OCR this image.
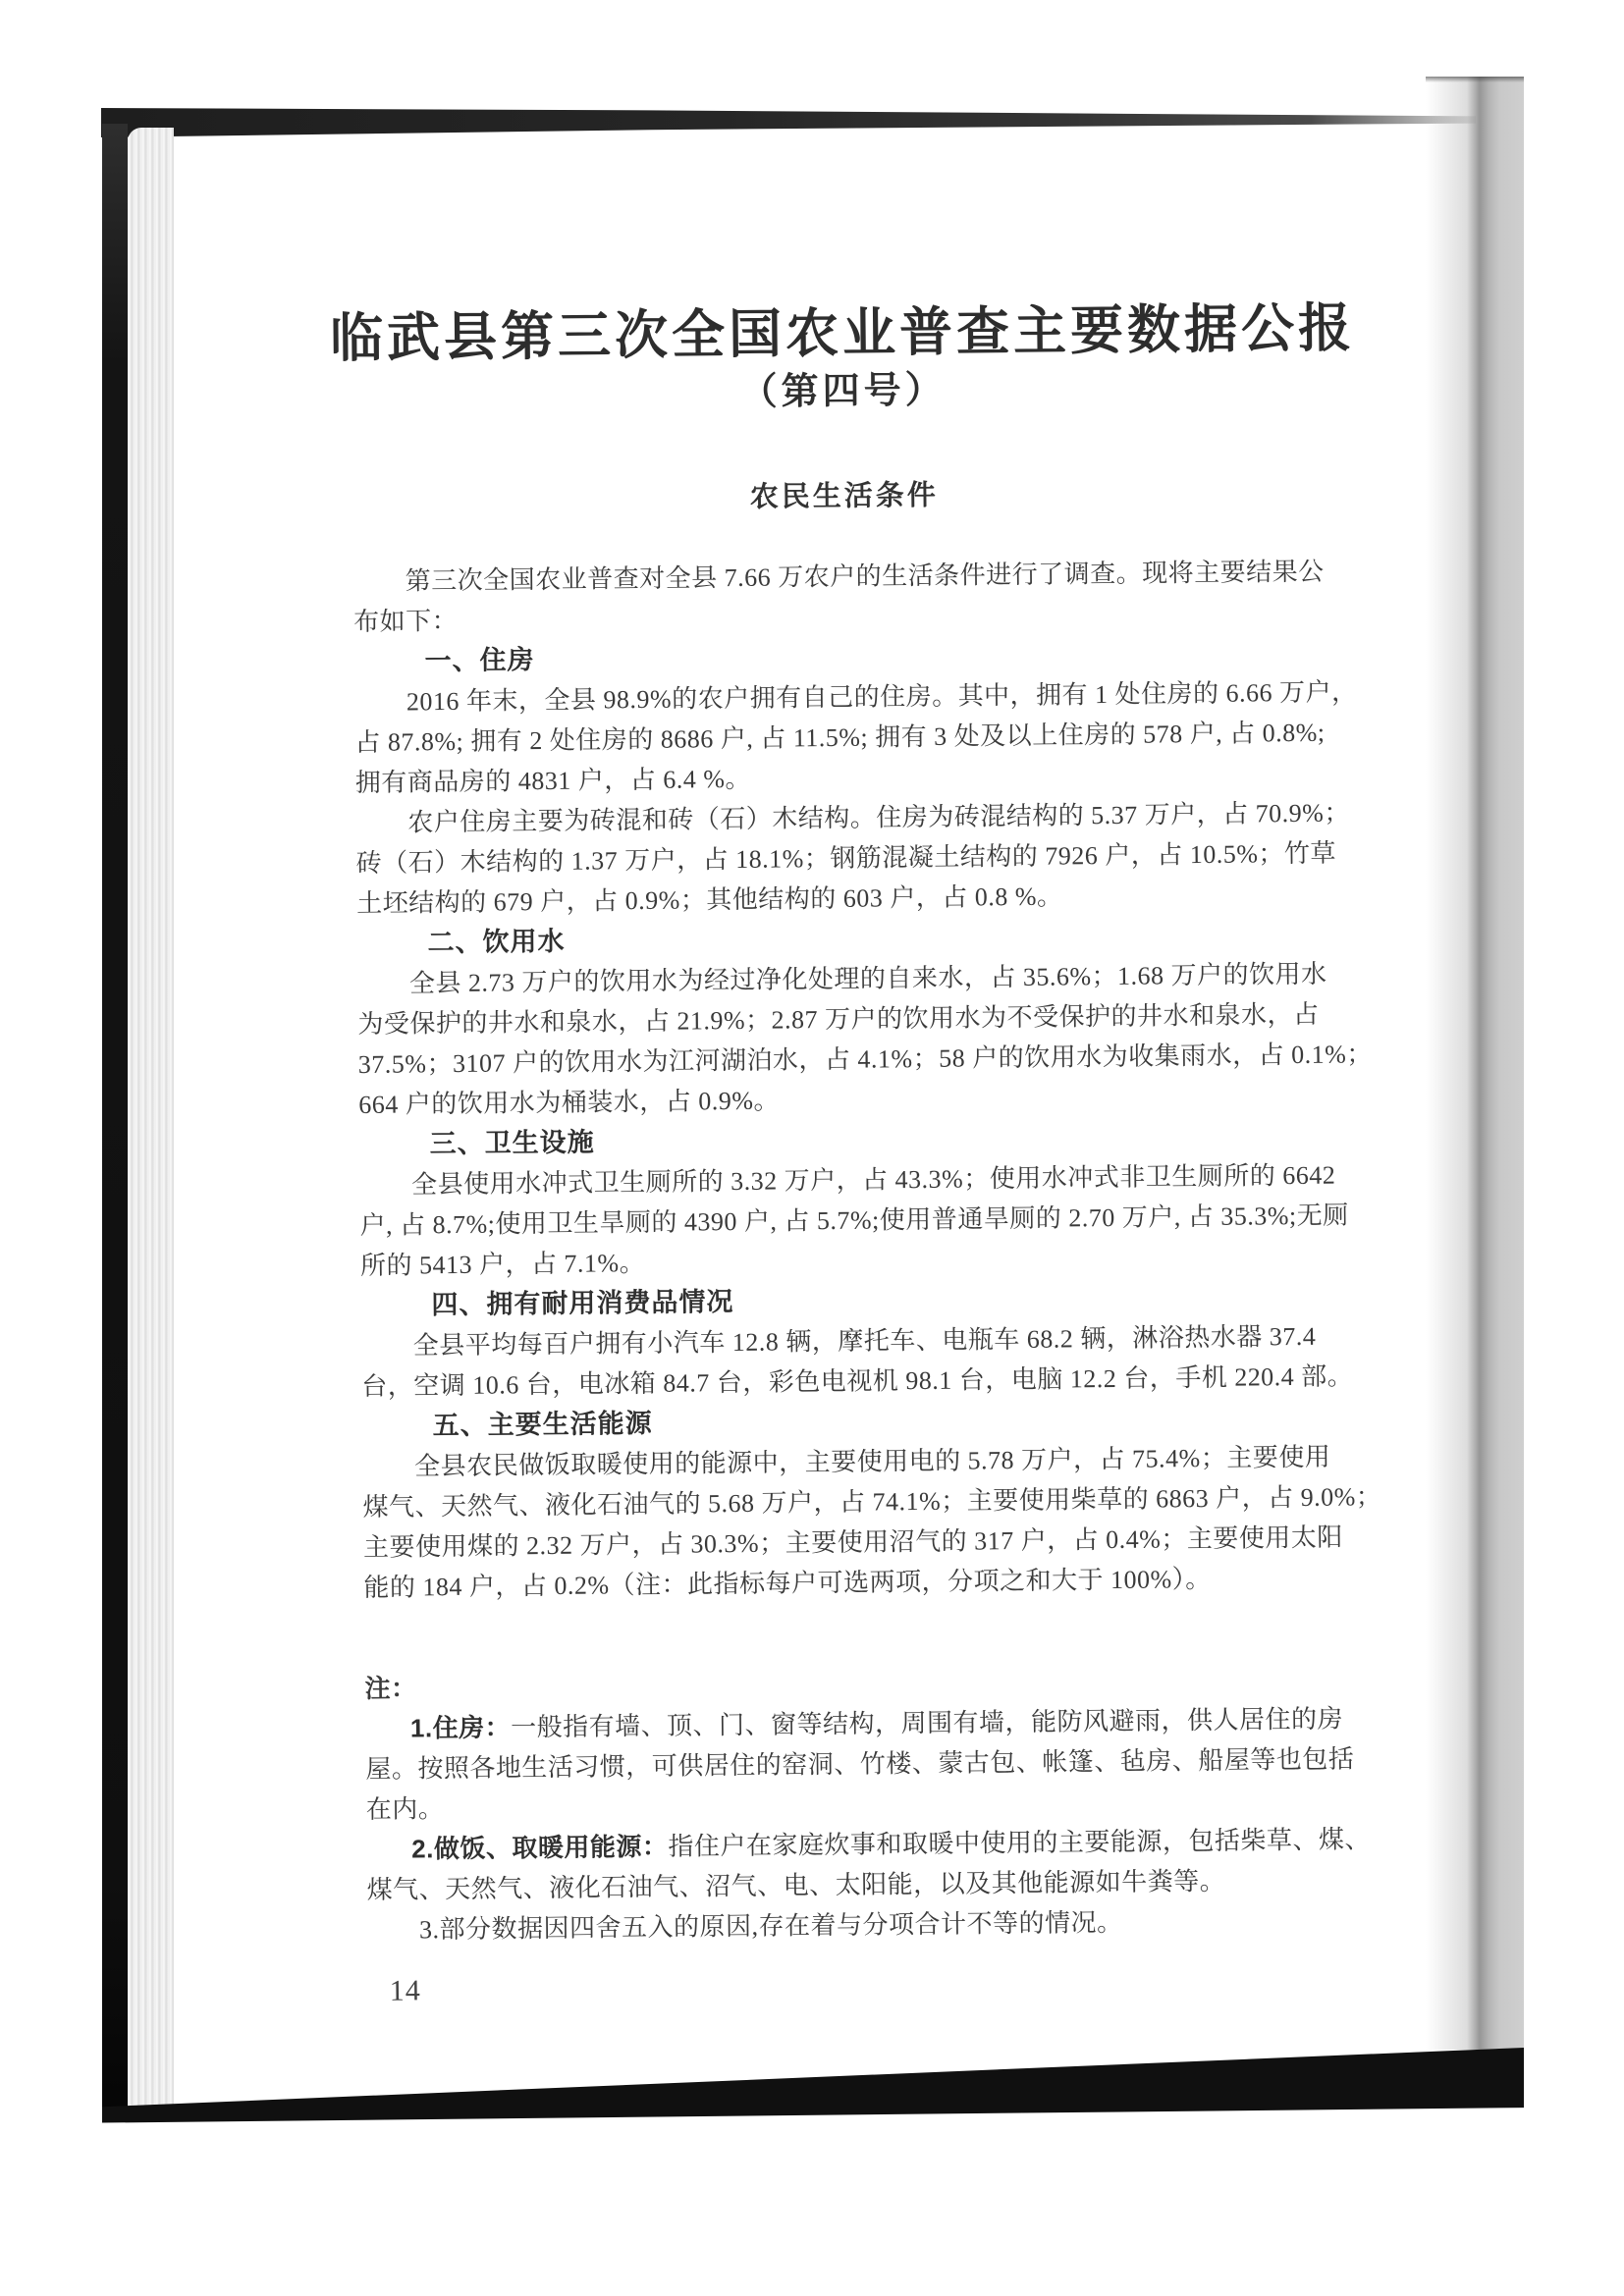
临武县第三次全国农业普查主要数据公报
（第四号）
农民生活条件
第三次全国农业普查对全县 7.66 万农户的生活条件进行了调查。现将主要结果公
布如下：
一、住房
2016 年末，全县 98.9%的农户拥有自己的住房。其中，拥有 1 处住房的 6.66 万户，
占 87.8%; 拥有 2 处住房的 8686 户, 占 11.5%; 拥有 3 处及以上住房的 578 户, 占 0.8%;
拥有商品房的 4831 户，占 6.4 %。
农户住房主要为砖混和砖（石）木结构。住房为砖混结构的 5.37 万户，占 70.9%；
砖（石）木结构的 1.37 万户，占 18.1%；钢筋混凝土结构的 7926 户，占 10.5%；竹草
土坯结构的 679 户，占 0.9%；其他结构的 603 户，占 0.8 %。
二、饮用水
全县 2.73 万户的饮用水为经过净化处理的自来水，占 35.6%；1.68 万户的饮用水
为受保护的井水和泉水，占 21.9%；2.87 万户的饮用水为不受保护的井水和泉水，占
37.5%；3107 户的饮用水为江河湖泊水，占 4.1%；58 户的饮用水为收集雨水，占 0.1%；
664 户的饮用水为桶装水，占 0.9%。
三、卫生设施
全县使用水冲式卫生厕所的 3.32 万户，占 43.3%；使用水冲式非卫生厕所的 6642
户, 占 8.7%;使用卫生旱厕的 4390 户, 占 5.7%;使用普通旱厕的 2.70 万户, 占 35.3%;无厕
所的 5413 户，占 7.1%。
四、拥有耐用消费品情况
全县平均每百户拥有小汽车 12.8 辆，摩托车、电瓶车 68.2 辆，淋浴热水器 37.4
台，空调 10.6 台，电冰箱 84.7 台，彩色电视机 98.1 台，电脑 12.2 台，手机 220.4 部。
五、主要生活能源
全县农民做饭取暖使用的能源中，主要使用电的 5.78 万户，占 75.4%；主要使用
煤气、天然气、液化石油气的 5.68 万户，占 74.1%；主要使用柴草的 6863 户，占 9.0%；
主要使用煤的 2.32 万户，占 30.3%；主要使用沼气的 317 户，占 0.4%；主要使用太阳
能的 184 户，占 0.2%（注：此指标每户可选两项，分项之和大于 100%）。
注：
1.住房：一般指有墙、顶、门、窗等结构，周围有墙，能防风避雨，供人居住的房
屋。按照各地生活习惯，可供居住的窑洞、竹楼、蒙古包、帐篷、毡房、船屋等也包括
在内。
2.做饭、取暖用能源：指住户在家庭炊事和取暖中使用的主要能源，包括柴草、煤、
煤气、天然气、液化石油气、沼气、电、太阳能，以及其他能源如牛粪等。
3.部分数据因四舍五入的原因,存在着与分项合计不等的情况。
14
